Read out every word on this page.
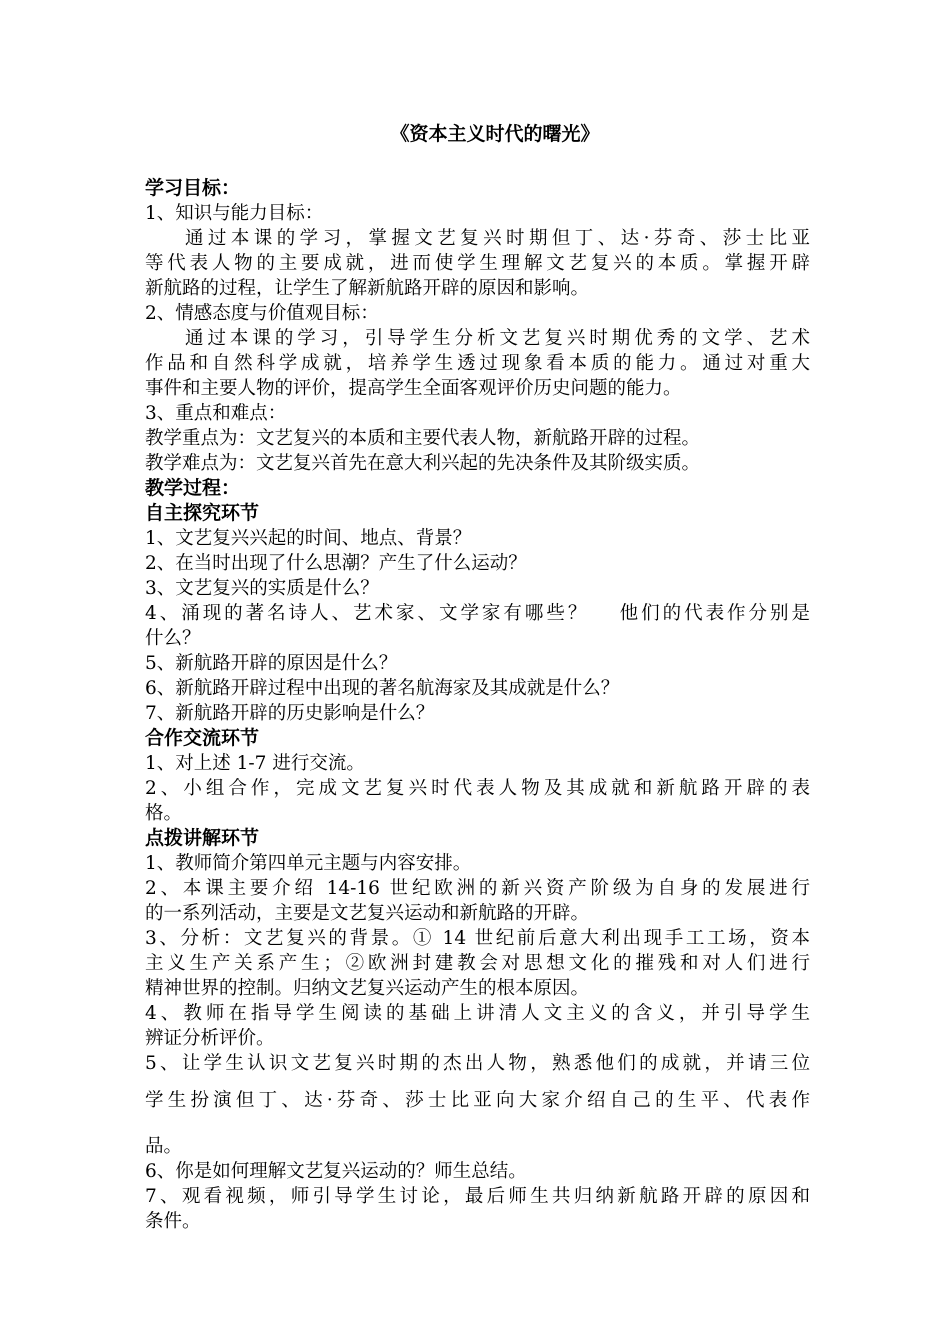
《资本主义时代的曙光》
学习目标：
1、知识与能力目标：
通过本课的学习，掌握文艺复兴时期但丁、达·芬奇、莎士比亚
等代表人物的主要成就，进而使学生理解文艺复兴的本质。掌握开辟
新航路的过程，让学生了解新航路开辟的原因和影响。
2、情感态度与价值观目标：
通过本课的学习，引导学生分析文艺复兴时期优秀的文学、艺术
作品和自然科学成就，培养学生透过现象看本质的能力。通过对重大
事件和主要人物的评价，提高学生全面客观评价历史问题的能力。
3、重点和难点：
教学重点为：文艺复兴的本质和主要代表人物，新航路开辟的过程。
教学难点为：文艺复兴首先在意大利兴起的先决条件及其阶级实质。
教学过程：
自主探究环节
1、文艺复兴兴起的时间、地点、背景？
2、在当时出现了什么思潮？产生了什么运动？
3、文艺复兴的实质是什么？
4、涌现的著名诗人、艺术家、文学家有哪些？　 他们的代表作分别是
什么？
5、新航路开辟的原因是什么？
6、新航路开辟过程中出现的著名航海家及其成就是什么？
7、新航路开辟的历史影响是什么？
合作交流环节
1、对上述 1-7 进行交流。
2、小组合作，完成文艺复兴时代表人物及其成就和新航路开辟的表
格。
点拨讲解环节
1、教师简介第四单元主题与内容安排。
2、本课主要介绍 14-16 世纪欧洲的新兴资产阶级为自身的发展进行
的一系列活动，主要是文艺复兴运动和新航路的开辟。
3、分析：文艺复兴的背景。① 14 世纪前后意大利出现手工工场，资本
主义生产关系产生；②欧洲封建教会对思想文化的摧残和对人们进行
精神世界的控制。归纳文艺复兴运动产生的根本原因。
4、教师在指导学生阅读的基础上讲清人文主义的含义，并引导学生
辨证分析评价。
5、让学生认识文艺复兴时期的杰出人物，熟悉他们的成就，并请三位
学生扮演但丁、达·芬奇、莎士比亚向大家介绍自己的生平、代表作
品。
6、你是如何理解文艺复兴运动的？师生总结。
7、观看视频，师引导学生讨论，最后师生共归纳新航路开辟的原因和
条件。
